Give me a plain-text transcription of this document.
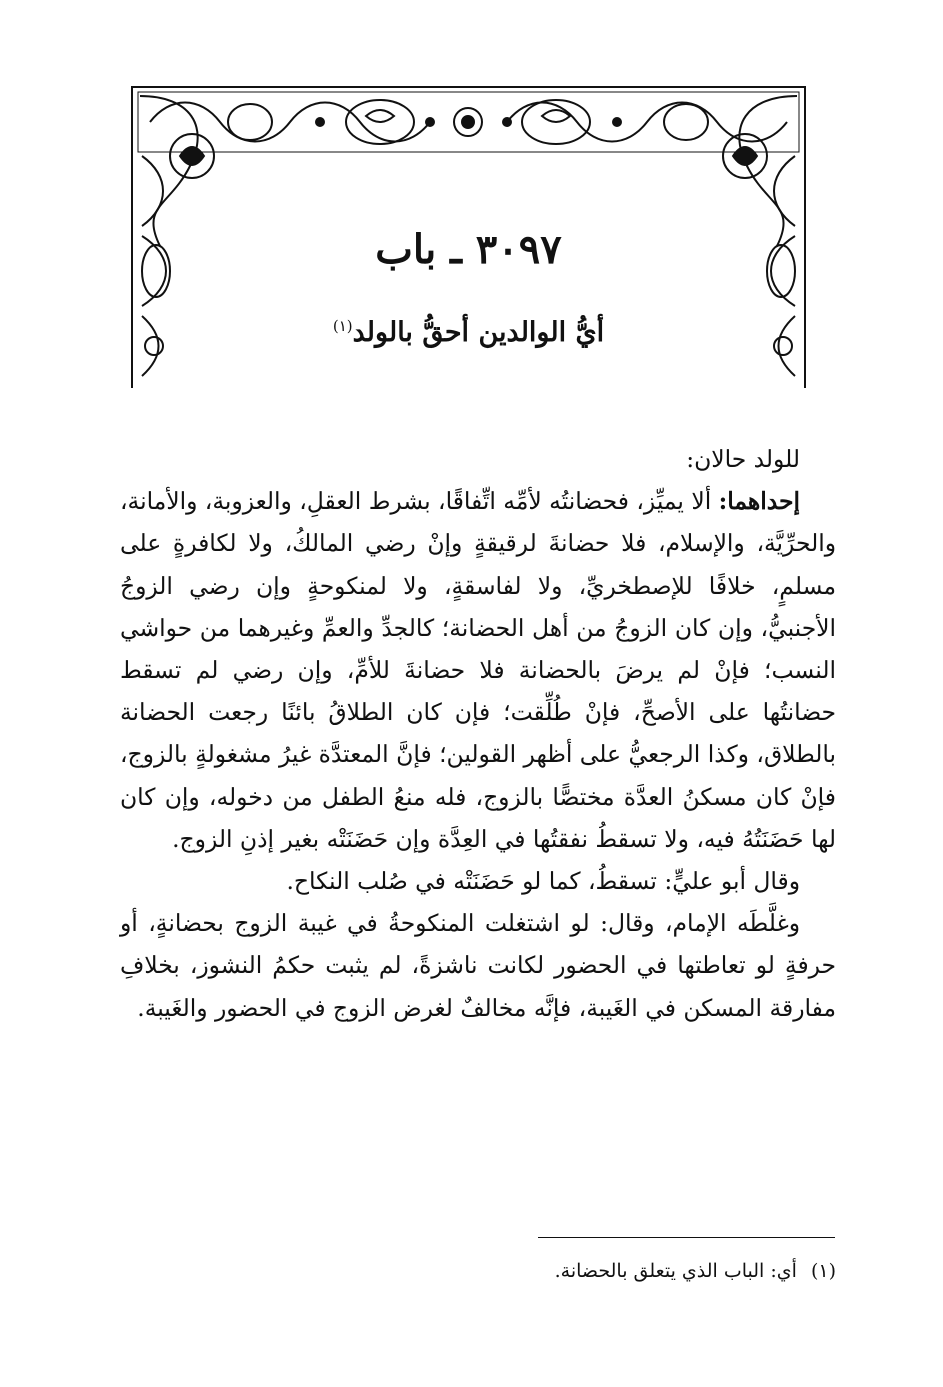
٣٠٩٧ ـ باب
أيُّ الوالدين أحقُّ بالولد$^{(١)}$

للولد حالان:

إحداهما: ألا يميِّز، فحضانتُه لأمِّه اتِّفاقًا، بشرط العقلِ، والعزوبة، والأمانة، والحرِّيَّة، والإسلام، فلا حضانةَ لرقيقةٍ وإنْ رضي المالكُ، ولا لكافرةٍ على مسلمٍ، خلافًا للإصطخريِّ، ولا لفاسقةٍ، ولا لمنكوحةٍ وإن رضي الزوجُ الأجنبيُّ، وإن كان الزوجُ من أهل الحضانة؛ كالجدِّ والعمِّ وغيرهما من حواشي النسب؛ فإنْ لم يرضَ بالحضانة فلا حضانةَ للأمِّ، وإن رضي لم تسقط حضانتُها على الأصحِّ، فإنْ طُلِّقت؛ فإن كان الطلاقُ بائنًا رجعت الحضانة بالطلاق، وكذا الرجعيُّ على أظهر القولين؛ فإنَّ المعتدَّة غيرُ مشغولةٍ بالزوج، فإنْ كان مسكنُ العدَّة مختصًّا بالزوج، فله منعُ الطفل من دخوله، وإن كان لها حَضَنَتُهُ فيه، ولا تسقطُ نفقتُها في العِدَّة وإن حَضَنَتْه بغير إذنِ الزوج.

وقال أبو عليٍّ: تسقطُ، كما لو حَضَنَتْه في صُلب النكاح.

وغلَّطَه الإمام، وقال: لو اشتغلت المنكوحةُ في غيبة الزوج بحضانةٍ، أو حرفةٍ لو تعاطتها في الحضور لكانت ناشزةً، لم يثبت حكمُ النشوز، بخلافِ مفارقة المسكن في الغَيبة، فإنَّه مخالفٌ لغرض الزوج في الحضور والغَيبة.

(١)أي: الباب الذي يتعلق بالحضانة.
